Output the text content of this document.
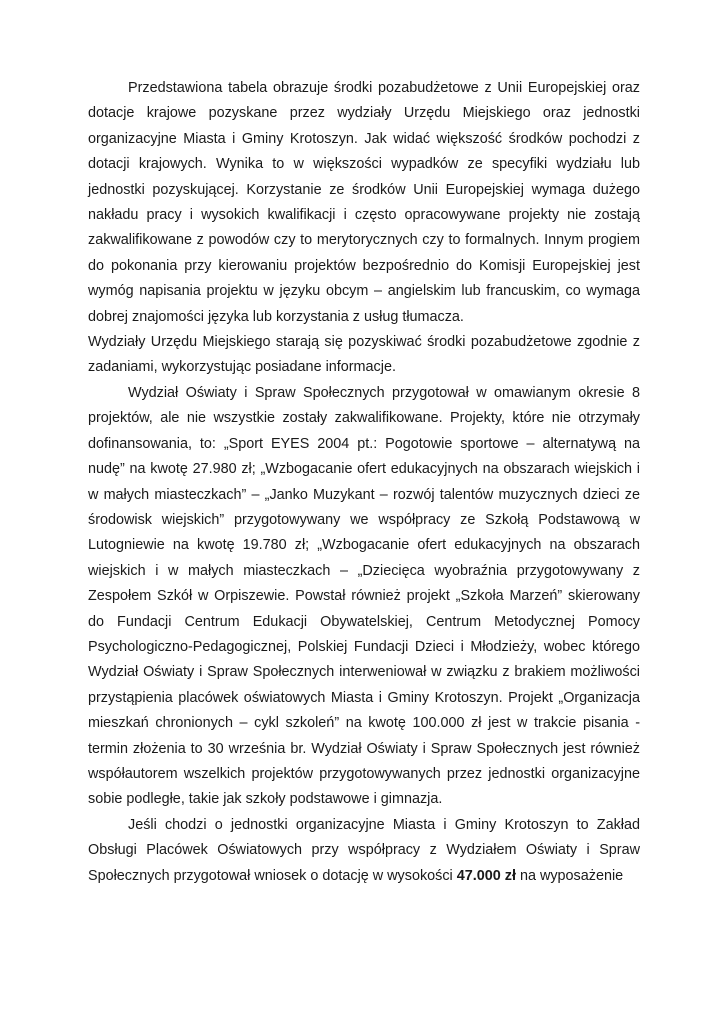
Przedstawiona tabela obrazuje środki pozabudżetowe z Unii Europejskiej oraz dotacje krajowe pozyskane przez wydziały Urzędu Miejskiego oraz jednostki organizacyjne Miasta i Gminy Krotoszyn. Jak widać większość środków pochodzi z dotacji krajowych. Wynika to w większości wypadków ze specyfiki wydziału lub jednostki pozyskującej. Korzystanie ze środków Unii Europejskiej wymaga dużego nakładu pracy i wysokich kwalifikacji i często opracowywane projekty nie zostają zakwalifikowane z powodów czy to merytorycznych czy to formalnych. Innym progiem do pokonania przy kierowaniu projektów bezpośrednio do Komisji Europejskiej jest wymóg napisania projektu w języku obcym – angielskim lub francuskim, co wymaga dobrej znajomości języka lub korzystania z usług tłumacza.

Wydziały Urzędu Miejskiego starają się pozyskiwać środki pozabudżetowe zgodnie z zadaniami, wykorzystując posiadane informacje.

Wydział Oświaty i Spraw Społecznych przygotował w omawianym okresie 8 projektów, ale nie wszystkie zostały zakwalifikowane. Projekty, które nie otrzymały dofinansowania, to: „Sport EYES 2004 pt.: Pogotowie sportowe – alternatywą na nudę” na kwotę 27.980 zł; „Wzbogacanie ofert edukacyjnych na obszarach wiejskich i w małych miasteczkach” – „Janko Muzykant – rozwój talentów muzycznych dzieci ze środowisk wiejskich” przygotowywany we współpracy ze Szkołą Podstawową w Lutogniewie na kwotę 19.780 zł; „Wzbogacanie ofert edukacyjnych na obszarach wiejskich i w małych miasteczkach – „Dziecięca wyobraźnia przygotowywany z Zespołem Szkół w Orpiszewie. Powstał również projekt „Szkoła Marzeń” skierowany do Fundacji Centrum Edukacji Obywatelskiej, Centrum Metodycznej Pomocy Psychologiczno-Pedagogicznej, Polskiej Fundacji Dzieci i Młodzieży, wobec którego Wydział Oświaty i Spraw Społecznych interweniował w związku z brakiem możliwości przystąpienia placówek oświatowych Miasta i Gminy Krotoszyn. Projekt „Organizacja mieszkań chronionych – cykl szkoleń” na kwotę 100.000 zł jest w trakcie pisania - termin złożenia to 30 września br. Wydział Oświaty i Spraw Społecznych jest również współautorem wszelkich projektów przygotowywanych przez jednostki organizacyjne sobie podległe, takie jak szkoły podstawowe i gimnazja.

Jeśli chodzi o jednostki organizacyjne Miasta i Gminy Krotoszyn to Zakład Obsługi Placówek Oświatowych przy współpracy z Wydziałem Oświaty i Spraw Społecznych przygotował wniosek o dotację w wysokości 47.000 zł na wyposażenie
